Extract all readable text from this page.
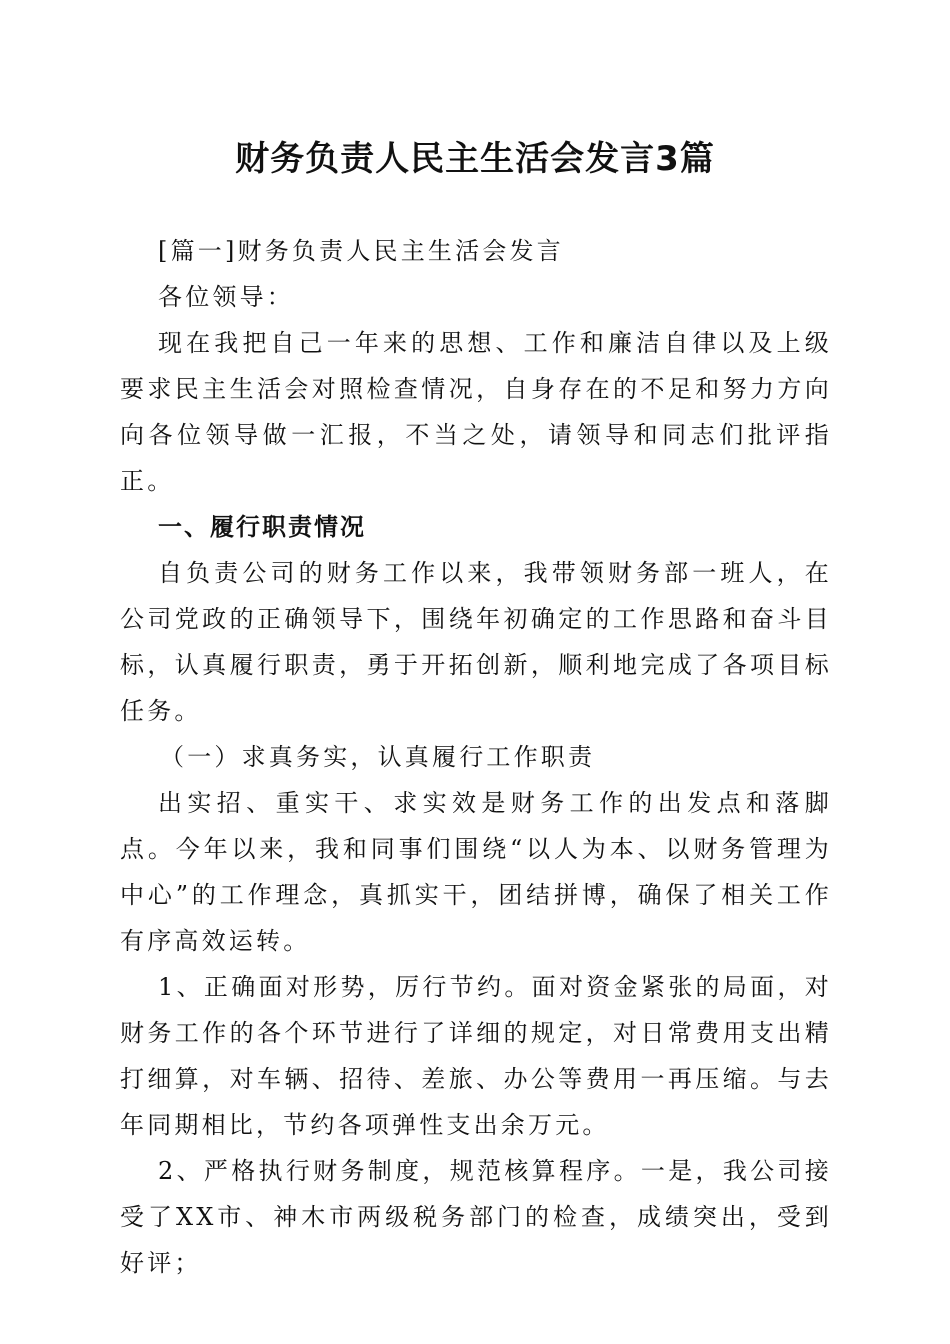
财务负责人民主生活会发言3篇

[篇一]财务负责人民主生活会发言

各位领导：

现在我把自己一年来的思想、工作和廉洁自律以及上级要求民主生活会对照检查情况，自身存在的不足和努力方向向各位领导做一汇报，不当之处，请领导和同志们批评指正。

一、履行职责情况

自负责公司的财务工作以来，我带领财务部一班人，在公司党政的正确领导下，围绕年初确定的工作思路和奋斗目标，认真履行职责，勇于开拓创新，顺利地完成了各项目标任务。

（一）求真务实，认真履行工作职责

出实招、重实干、求实效是财务工作的出发点和落脚点。今年以来，我和同事们围绕“以人为本、以财务管理为中心”的工作理念，真抓实干，团结拼博，确保了相关工作有序高效运转。

1、正确面对形势，厉行节约。面对资金紧张的局面，对财务工作的各个环节进行了详细的规定，对日常费用支出精打细算，对车辆、招待、差旅、办公等费用一再压缩。与去年同期相比，节约各项弹性支出余万元。

2、严格执行财务制度，规范核算程序。一是，我公司接受了XX市、神木市两级税务部门的检查，成绩突出，受到好评；
